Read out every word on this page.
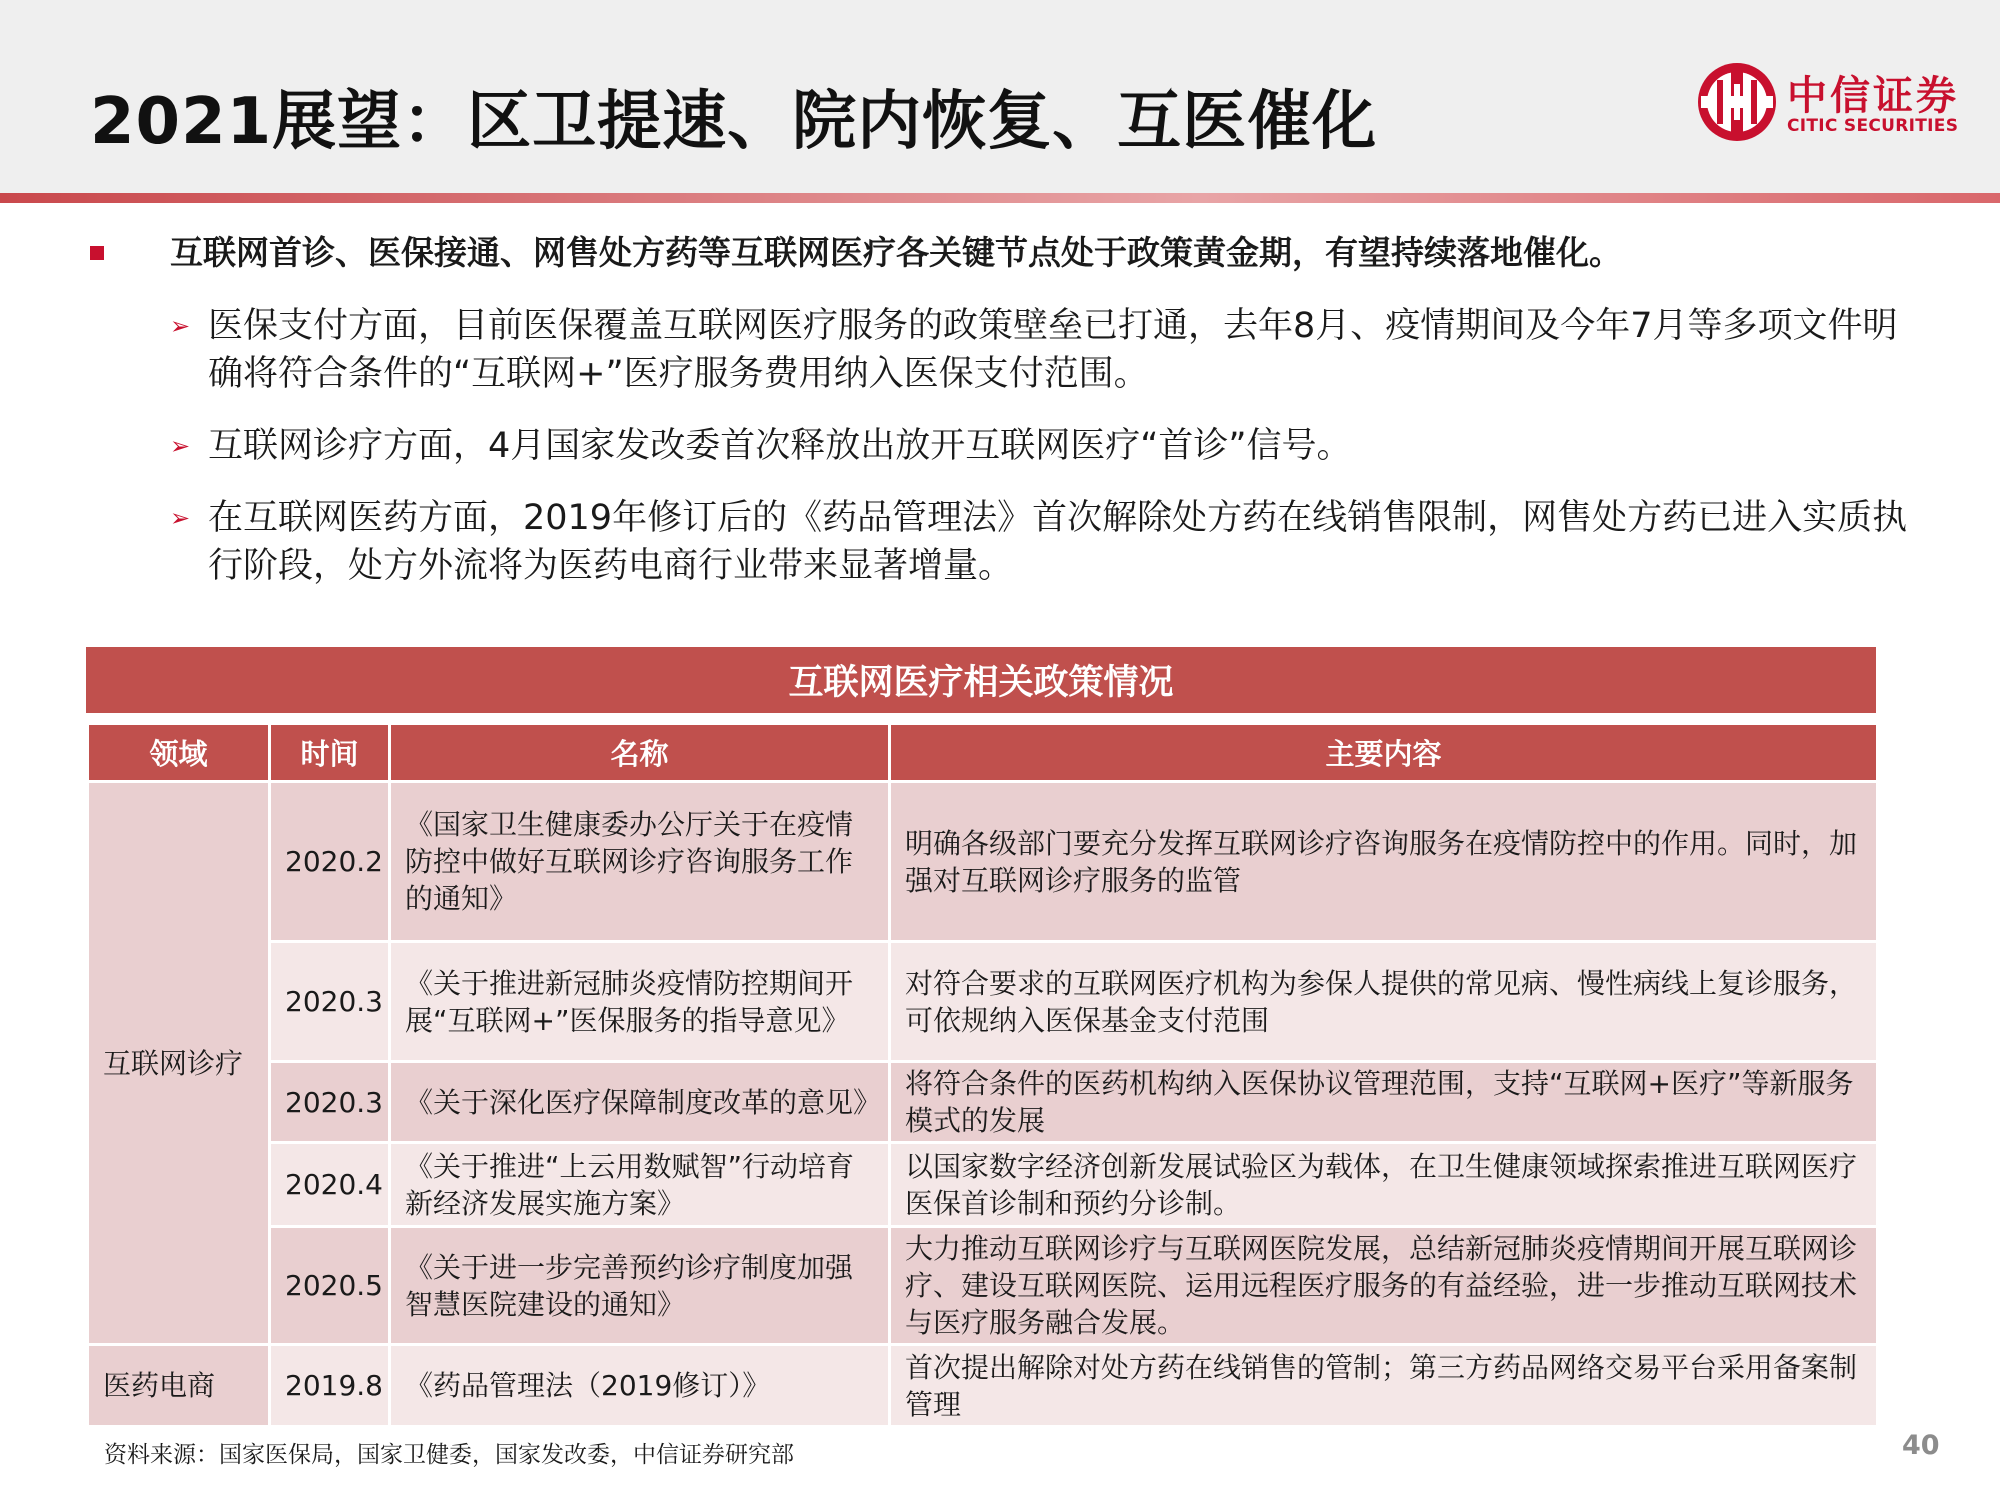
2021展望：区卫提速、院内恢复、互医催化	中信证券
CITIC SECURITIES
互联网首诊、医保接通、网售处方药等互联网医疗各关键节点处于政策黄金期，有望持续落地催化。
➢ 医保支付方面，目前医保覆盖互联网医疗服务的政策壁垒已打通，去年8月、疫情期间及今年7月等多项文件明确将符合条件的“互联网+”医疗服务费用纳入医保支付范围。
➢ 互联网诊疗方面，4月国家发改委首次释放出放开互联网医疗“首诊”信号。
➢ 在互联网医药方面，2019年修订后的《药品管理法》首次解除处方药在线销售限制，网售处方药已进入实质执行阶段，处方外流将为医药电商行业带来显著增量。
互联网医疗相关政策情况
领域	时间	名称	主要内容
互联网诊疗	2020.2	《国家卫生健康委办公厅关于在疫情防控中做好互联网诊疗咨询服务工作的通知》	明确各级部门要充分发挥互联网诊疗咨询服务在疫情防控中的作用。同时，加强对互联网诊疗服务的监管
	2020.3	《关于推进新冠肺炎疫情防控期间开展“互联网+”医保服务的指导意见》	对符合要求的互联网医疗机构为参保人提供的常见病、慢性病线上复诊服务，可依规纳入医保基金支付范围
	2020.3	《关于深化医疗保障制度改革的意见》	将符合条件的医药机构纳入医保协议管理范围，支持“互联网+医疗”等新服务模式的发展
	2020.4	《关于推进“上云用数赋智”行动培育新经济发展实施方案》	以国家数字经济创新发展试验区为载体，在卫生健康领域探索推进互联网医疗医保首诊制和预约分诊制。
	2020.5	《关于进一步完善预约诊疗制度加强智慧医院建设的通知》	大力推动互联网诊疗与互联网医院发展，总结新冠肺炎疫情期间开展互联网诊疗、建设互联网医院、运用远程医疗服务的有益经验，进一步推动互联网技术与医疗服务融合发展。
医药电商	2019.8	《药品管理法（2019修订）》	首次提出解除对处方药在线销售的管制；第三方药品网络交易平台采用备案制管理
资料来源：国家医保局，国家卫健委，国家发改委，中信证券研究部	40
